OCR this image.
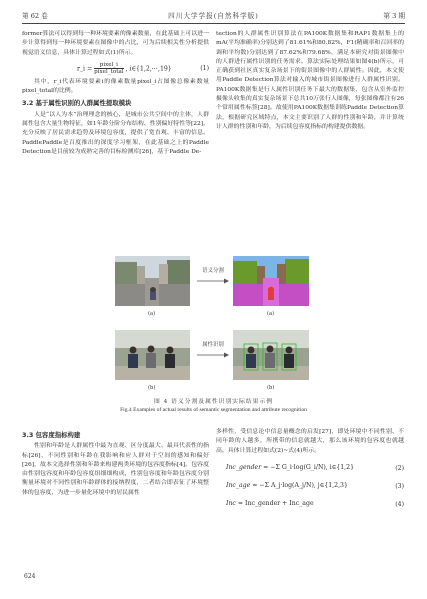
第 62 卷	四川大学学报(自然科学版)	第 3 期

former算法可以得到每一种环境要素的像素数量，在此基础上可以进一步计算得到每一种环境要素在图像中的占比，可为后续相关性分析提供视觉语义信息，具体计算过程如式(1)所示。

r_i = $\frac{\text{pixel\_i}}{\text{pixel\_total}}$ , i∈{1,2,⋯,19}	(1)

其中，r_i代表环境要素i的像素数量pixel_i占图像总像素数量pixel_total的比例。

3.2 基于属性识别的人群属性提取模块

人是“以人为本”治理理念的核心，是城市公共空间中的主体，人群属性包含大量生物特征，如1年龄分阶分布结构、性别偏好特性等[22]，充分反映了居民需求趋势及环境包容度，提供了宽直观、丰富的信息。PaddlePaddle是百度推出的深度学习框架，在此基础之上的Paddle Detection是目前较为成熟完善的目标检测库[26]，基于Paddle De-

tection的人群属性识别算法在PA100K数据集和RAP1数据集上的mA(平均准确率)分别达到了81.61%和80.82%，F1(精确率和召回率的调和平均数)分别达到了87.62%和79.68%，满足本研究对街景图像中的人群进行属性识别的任务需求。算法实际处理结果如图4(b)所示，可正确获到社区真实复杂场景下的街景图像中的人群属性。因此，本文使用Paddle Detection算法对输入的城市街景图像进行人群属性识别。PA100K数据集是行人属性识别任务下最大的数据集，包含从室外监控摄像头收集的真实复杂场景下总共10万张行人图像，每张图像都注有26个常用属性标签[28]。故使用PA100K数据集训练Paddle Detection算法，根据研究区域特点，本文主要识别了人群的性别和年龄，并计算统计人群的性别和年龄，为后续包容度指标的构建提供数据。

语义分割
(a)	(a)
属性识别
(b)	(b)
图 4 语义分割及属性识别实际结果示例
Fig.4 Examples of actual results of semantic segmentation and attribute recognition
3.3 包容度指标构建

性别和年龄是人群属性中最为直观、区分度最大、最具代表性的指标[26]，不同性别和年龄在我影响和应人群对于空间的感知和偏好[26]，故本文选择性别和年龄来构建两类环境的包容度指标[4]。包容度由性别包容度和年龄包容度组细细构成，性别包容度和年龄包容度分别衡量环境对不同性别和年龄群体的接纳程度，二者结合即表征了环境整体的包容度，为进一步量化环境中的居民属性

多样性，受信息论中信息量概念的启发[27]，即处环境中不同性别、不同年龄的人越多，所携带的信息就越大，那么该环境的包容度也就越高。具体计算过程如式(2)~式(4)所示。

Inc_gender = −Σ G_i·log(G_i/N), i∈{1,2}	(2)
Inc_age = −Σ A_j·log(A_j/N), j∈{1,2,3}	(3)
Inc = Inc_gender + Inc_age	(4)
624
